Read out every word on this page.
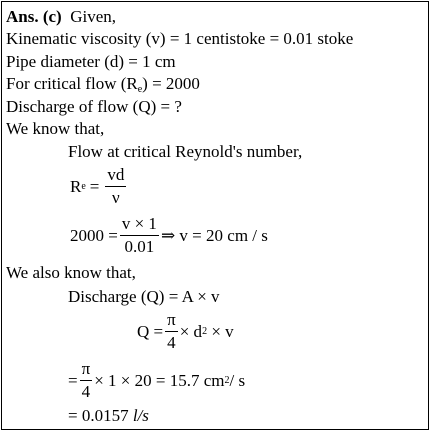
Ans. (c) Given,
Kinematic viscosity (v) = 1 centistoke = 0.01 stoke
Pipe diameter (d) = 1 cm
For critical flow $(R_e) = 2000$
Discharge of flow (Q) = ?
We know that,
Flow at critical Reynold's number,
R $e = \frac{vd}{\nu}$
$2000 = \frac{v \times 1}{0.01}$ ⇒ v = 20 cm / s
We also know that,
Discharge (Q) = A × v
$Q = \frac{\pi}{4} \times d$ 2
× v
= $\frac{\pi}{4} \times 1 \times 20 = 15.7$ cm 2 / s
= 0.0157 l/s
